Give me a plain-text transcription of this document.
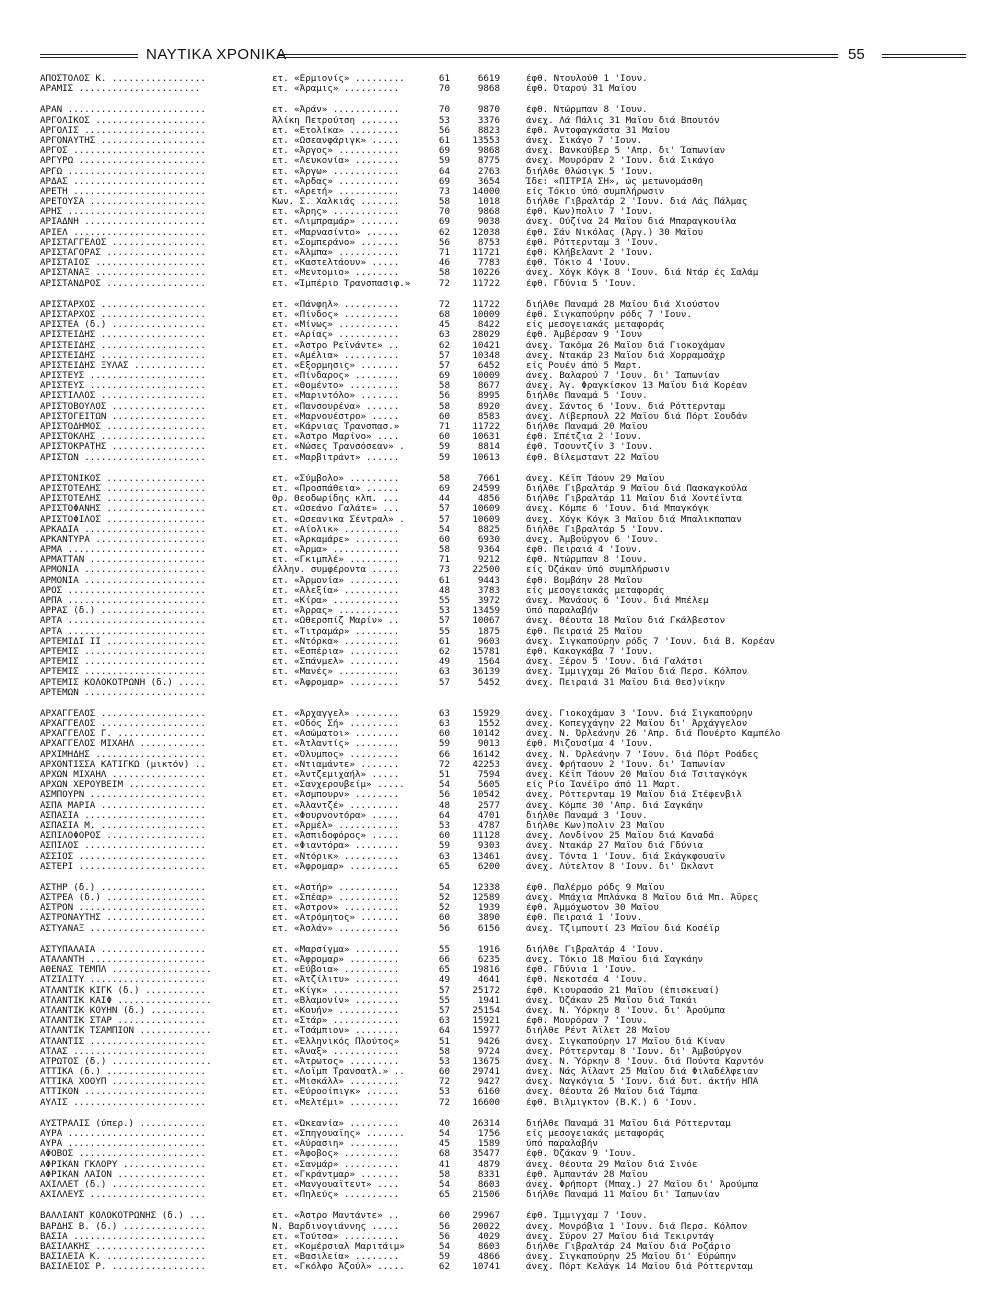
ΝΑΥΤΙΚΑ ΧΡΟΝΙΚΑ	55
ΑΠΟΣΤΟΛΟΣ Κ. .................	ετ. «Ερμιονίς» .........	61	6619	έφθ. Ντουλούθ 1 'Ιουν.
ΑΡΑΜΙΣ ......................	ετ. «Άραμις» ..........	70	9868	έφθ. Όταρού 31 Μαΐου
ΑΡΑΝ .........................	ετ. «Άράν» ............	70	9870	έφθ. Ντώρμπαν 8 'Ιουν.
ΑΡΓΟΛΙΚΟΣ ....................	Άλίκη Πετρούτση .......	53	3376	άνεχ. Λά Πάλις 31 Μαΐου διά Βπουτόν
ΑΡΓΟΛΙΣ ......................	ετ. «Ετολίκα» .........	56	8823	έφθ. Άντοφαγκάστα 31 Μαΐου
ΑΡΓΟΝΑΥΤΗΣ ...................	ετ. «Ωσεανφάριγκ» .....	61	13553	άνεχ. Σικάγο 7 'Ιουν.
ΑΡΓΟΣ ........................	ετ. «Άργος» ...........	69	9868	άνεχ. Βανκούβερ 5 'Απρ. δι' Ίαπωνίαν
ΑΡΓΥΡΩ .......................	ετ. «Λευκονία» ........	59	8775	άνεχ. Μουρόραν 2 'Ιουν. διά Σικάγο
ΑΡΓΩ .........................	ετ. «Άργω» ............	64	2763	διήλθε Θλώσιγκ 5 'Ιουν.
ΑΡΔΑΣ ........................	ετ. «Άρδας» ...........	69	3654	Ίδε: «ΠΙΤΡΙΑ ΣΗ», ώς μετωνομάσθη
ΑΡΕΤΗ ........................	ετ. «Αρετή» ...........	73	14000	είς Τόκιο ύπό συμπλήρωσιν
ΑΡΕΤΟΥΣΑ .....................	Κων. Σ. Χαλκιάς .......	58	1018	διήλθε Γιβραλτάρ 2 'Ιουν. διά Λάς Πάλμας
ΑΡΗΣ .........................	ετ. «Άρης» ............	70	9868	έφθ. Κων)πολιν 7 'Ιουν.
ΑΡΙΑΔΝΗ ......................	ετ. «Λιμπραμάρ» .......	69	9038	άνεχ. Ούζίνα 24 Μαΐου διά Μπαραγκουίλα
ΑΡΙΕΛ ........................	ετ. «Μαρνασίντο» ......	62	12038	έφθ. Σάν Νικόλας (Άργ.) 30 Μαΐου
ΑΡΙΣΤΑΓΓΕΛΟΣ .................	ετ. «Σομπεράνο» .......	56	8753	έφθ. Ρόττερνταμ 3 'Ιουν.
ΑΡΙΣΤΑΓΟΡΑΣ ..................	ετ. «Άλμπα» ...........	71	11721	έφθ. Κλήβελαντ 2 'Ιουν.
ΑΡΙΣΤΑΙΟΣ ....................	ετ. «Καστελτάουν» .....	46	7783	έφθ. Τόκιο 4 'Ιουν.
ΑΡΙΣΤΑΝΑΞ ....................	ετ. «Μεντομιο» ........	58	10226	άνεχ. Χόγκ Κόγκ 8 'Ιουν. διά Ντάρ ές Σαλάμ
ΑΡΙΣΤΑΝΔΡΟΣ ..................	ετ. «Ίμπέριο Τρανσπασιφ.»	72	11722	έφθ. Γδύνια 5 'Ιουν.
ΑΡΙΣΤΑΡΧΟΣ ...................	ετ. «Πάνφηλ» ..........	72	11722	διήλθε Παναμά 28 Μαΐου διά Χιούστον
ΑΡΙΣΤΑΡΧΟΣ ...................	ετ. «Πίνδος» ..........	68	10009	έφθ. Σιγκαπούρην ρόδς 7 'Ιουν.
ΑΡΙΣΤΕΑ (δ.) .................	ετ. «Μίνως» ...........	45	8422	είς μεσογειακάς μεταφοράς
ΑΡΙΣΤΕΙΔΗΣ ...................	ετ. «Αρίας» ...........	63	28029	έφθ. Άμβέρσαν 9 'Ιουν
ΑΡΙΣΤΕΙΔΗΣ ...................	ετ. «Άστρο Ρεϊνάντε» ..	62	10421	άνεχ. Τακόμα 26 Μαΐου διά Γιοκοχάμαν
ΑΡΙΣΤΕΙΔΗΣ ...................	ετ. «Αμέλια» ..........	57	10348	άνεχ. Ντακάρ 23 Μαΐου διά Χορραμσάχρ
ΑΡΙΣΤΕΙΔΗΣ ΞΥΛΑΣ .............	ετ. «Εξορμησις» .......	57	6452	είς Ρουέν άπό 5 Μαρτ.
ΑΡΙΣΤΕΥΣ .....................	ετ. «Πίνδαρος» ........	69	10009	άνεχ. Βαλαρού 7 'Ιουν. δι' Ίαπωνίαν
ΑΡΙΣΤΕΥΣ .....................	ετ. «Θομέντο» .........	58	8677	άνεχ. Άγ. Φραγκίσκον 13 Μαΐου διά Κορέαν
ΑΡΙΣΤΙΛΛΟΣ ...................	ετ. «Μαριντόλο» .......	56	8995	διήλθε Παναμά 5 'Ιουν.
ΑΡΙΣΤΟΒΟΥΛΟΣ .................	ετ. «Πανσουρένα» ......	58	8920	άνεχ. Σάντος 6 'Ιουν. διά Ρόττερνταμ
ΑΡΙΣΤΟΓΕΙΤΩΝ .................	ετ. «Μαρνουέστρο» .....	60	8583	άνεχ. Λίβερπουλ 22 Μαΐου διά Πόρτ Σουδάν
ΑΡΙΣΤΟΔΗΜΟΣ ..................	ετ. «Κάρνιας Τρανσπασ.»	71	11722	διήλθε Παναμά 20 Μαΐου
ΑΡΙΣΤΟΚΛΗΣ ...................	ετ. «Άστρο Μαρίνο» ....	60	10631	έφθ. Σπέτζια 2 'Ιουν.
ΑΡΙΣΤΟΚΡΑΤΗΣ .................	ετ. «Νώσες Τρανσόσεαν» .	59	8814	έφθ. Τσουντζίν 3 'Ιουν.
ΑΡΙΣΤΩΝ ......................	ετ. «Μαρβιτράντ» ......	59	10613	έφθ. Βίλεμσταντ 22 Μαΐου
ΑΡΙΣΤΟΝΙΚΟΣ ..................	ετ. «Σύμβολο» .........	58	7661	άνεχ. Κέϊπ Τάουν 29 Μαΐου
ΑΡΙΣΤΟΤΕΛΗΣ ..................	ετ. «Προσπάθεια» ......	69	24599	διήλθε Γιβραλτάρ 9 Μαΐου διά Πασκαγκούλα
ΑΡΙΣΤΟΤΕΛΗΣ ..................	Θρ. Θεοδωρίδης κλπ. ...	44	4856	διήλθε Γιβραλτάρ 11 Μαΐου διά Χοντέϊντα
ΑΡΙΣΤΟΦΑΝΗΣ ..................	ετ. «Ωσεάνο Γαλάτε» ...	57	10609	άνεχ. Κόμπε 6 'Ιουν. διά Μπαγκόγκ
ΑΡΙΣΤΟΦΙΛΟΣ ..................	ετ. «Ωσεανικα Σέντραλ» .	57	10609	άνεχ. Χόγκ Κόγκ 3 Μαΐου διά Μπαλικπαπαν
ΑΡΚΑΔΙΑ ......................	ετ. «Αίολικ» ..........	54	8825	διήλθε Γιβραλτάρ 5 'Ιουν.
ΑΡΚΑΝΤΥΡΑ ....................	ετ. «Άρκαμάρε» ........	60	6930	άνεχ. Άμβούργον 6 'Ιουν.
ΑΡΜΑ .........................	ετ. «Άρμα» ............	58	9364	έφθ. Πειραιά 4 'Ιουν.
ΑΡΜΑΤΤΑΝ .....................	ετ. «Γκιμπλέ» .........	71	9212	έφθ. Ντώρμπαν 8 'Ιουν.
ΑΡΜΟΝΙΑ ......................	έλλην. συμφέροντα .....	73	22500	είς Όζάκαν ύπό συμπλήρωσιν
ΑΡΜΟΝΙΑ ......................	ετ. «Άρμονία» .........	61	9443	έφθ. Βομβάην 28 Μαΐου
ΑΡΟΣ .........................	ετ. «Αλεξία» ..........	48	3783	είς μεσογειακάς μεταφοράς
ΑΡΠΑ .........................	ετ. «Κίρα» ............	55	3972	άνεχ. Μανάους 6 'Ιουν. διά Μπέλεμ
ΑΡΡΑΣ (δ.) ...................	ετ. «Άρρας» ...........	53	13459	ύπό παραλαβήν
ΑΡΤΑ .........................	ετ. «Ωθερσπίζ Μαρίν» ..	57	10067	άνεχ. Θέουτα 18 Μαΐου διά Γκάλβεστον
ΑΡΤΑ .........................	ετ. «Τιτραμάρ» ........	55	1875	έφθ. Πειραιά 25 Μαΐου
ΑΡΤΕΜΙΔΙ ΙΙ ..................	ετ. «Ντόρκα» ..........	61	9603	άνεχ. Σιγκαπούρην ρόδς 7 'Ιουν. διά Β. Κορέαν
ΑΡΤΕΜΙΣ ......................	ετ. «Εσπέρια» .........	62	15781	έφθ. Κακογκάβα 7 'Ιουν.
ΑΡΤΕΜΙΣ ......................	ετ. «Σπάνμελ» .........	49	1564	άνεχ. Ξέρον 5 'Ιουν. διά Γαλάτσι
ΑΡΤΕΜΙΣ ......................	ετ. «Μανές» ...........	63	36139	άνεχ. Ίμμιγχαμ 26 Μαΐου διά Περσ. Κόλπον
ΑΡΤΕΜΙΣ ΚΟΛΟΚΟΤΡΩΝΗ (δ.) .....	ετ. «Άφρομαρ» .........	57	5452	άνεχ. Πειραιά 31 Μαΐου διά Θεσ)νίκην
ΑΡΤΕΜΩΝ ......................
ΑΡΧΑΓΓΕΛΟΣ ...................	ετ. «Άρχαγγελ» ........	63	15929	άνεχ. Γιοκοχάμαν 3 'Ιουν. διά Σιγκαπούρην
ΑΡΧΑΓΓΕΛΟΣ ...................	ετ. «Οδός Σή» .........	63	1552	άνεχ. Κοπεγχάγην 22 Μαΐου δι' Άρχάγγελον
ΑΡΧΑΓΓΕΛΟΣ Γ. ................	ετ. «Ασώματοι» ........	60	10142	άνεχ. Ν. Όρλεάνην 26 'Απρ. διά Πουέρτο Καμπέλο
ΑΡΧΑΓΓΕΛΟΣ ΜΙΧΑΗΛ ............	ετ. «Άτλαντίς» ........	59	9013	έφθ. Μιζουσίμα 4 'Ιουν.
ΑΡΧΙΜΗΔΗΣ ....................	ετ. «Όλυμπος» .........	66	16142	άνεχ. Ν. Όρλεάνην 7 'Ιουν. διά Πόρτ Ροάδες
ΑΡΧΟΝΤΙΣΣΑ ΚΑΤΙΓΚΩ (μικτόν) ..	ετ. «Ντιαμάντε» .......	72	42253	άνεχ. Φρήταουν 2 'Ιουν. δι' Ίαπωνίαν
ΑΡΧΩΝ ΜΙΧΑΗΛ .................	ετ. «Άντζεμιχαήλ» .....	51	7594	άνεχ. Κέϊπ Τάουν 20 Μαΐου διά Τσιταγκόγκ
ΑΡΧΩΝ ΧΕΡΟΥΒΕΙΜ ..............	ετ. «Σανχερουβείμ» .....	54	5605	είς Ρίο Ίανέϊρο άπό 11 Μαρτ.
ΑΣΜΠΟΥΡΝ .....................	ετ. «Άσμπουρν» ........	56	10542	άνεχ. Ρόττερνταμ 19 Μαΐου διά Στέφενβιλ
ΑΣΠΑ ΜΑΡΙΑ ...................	ετ. «Άλαντζέ» .........	48	2577	άνεχ. Κόμπε 30 'Απρ. διά Σαγκάην
ΑΣΠΑΣΙΑ ......................	ετ. «Φουρνοντόρα» .....	64	4701	διήλθε Παναμά 3 'Ιουν.
ΑΣΠΑΣΙΑ Μ. ...................	ετ. «Άρμέλ» ...........	53	4787	διήλθε Κων)πολιν 23 Μαΐου
ΑΣΠΙΛΟΦΟΡΟΣ ..................	ετ. «Άσπιδοφόρος» .....	60	11128	άνεχ. Λονδίνον 25 Μαΐου διά Καναδά
ΑΣΠΙΛΟΣ ......................	ετ. «Φιαντόρα» ........	59	9303	άνεχ. Ντακάρ 27 Μαΐου διά Γδύνια
ΑΣΣΙΟΣ .......................	ετ. «Ντόρικ» ..........	63	13461	άνεχ. Τόντα 1 'Ιουν. διά Σκάγκφουαϊν
ΑΣΤΕΡΙ .......................	ετ. «Άφρομαρ» .........	65	6200	άνεχ. Λύτελτον 8 'Ιουν. δι' Ώκλαντ
ΑΣΤΗΡ (δ.) ...................	ετ. «Αστήρ» ...........	54	12338	έφθ. Παλέρμο ρόδς 9 Μαΐου
ΑΣΤΡΕΑ (δ.) ..................	ετ. «Σπέαρ» ...........	52	12589	άνεχ. Μπάχια Μπλάνκα 8 Μαΐου διά Μπ. Άϋρες
ΑΣΤΡΟΝ .......................	ετ. «Άστρον» ..........	52	1939	έφθ. Άμμόχωστον 30 Μαΐου
ΑΣΤΡΟΝΑΥΤΗΣ ..................	ετ. «Ατρόμητος» .......	60	3890	έφθ. Πειραιά 1 'Ιουν.
ΑΣΤΥΑΝΑΞ .....................	ετ. «Άσλάν» ...........	56	6156	άνεχ. Τζιμπουτί 23 Μαΐου διά Κοσέϊρ
ΑΣΤΥΠΑΛΑΙΑ ...................	ετ. «Μαρσίγμα» ........	55	1916	διήλθε Γιβραλτάρ 4 'Ιουν.
ΑΤΑΛΑΝΤΗ .....................	ετ. «Άφρομαρ» .........	66	6235	άνεχ. Τόκιο 18 Μαΐου διά Σαγκάην
ΑΘΕΝΑΣ ΤΕΜΠΛ ..................	ετ. «Εύβοια» ..........	65	19816	έφθ. Γδύνια 1 'Ιουν.
ΑΤΖΙΛΙΤΥ .....................	ετ. «Άτζίλιτυ» ........	49	4641	έφθ. Νεκοτσέα 4 'Ιουν.
ΑΤΛΑΝΤΙΚ ΚΙΓΚ (δ.) ...........	ετ. «Κίγκ» ............	57	25172	έφθ. Κιουρασάο 21 Μαΐου (έπισκευαί)
ΑΤΛΑΝΤΙΚ ΚΑΪΦ .................	ετ. «Βλαμονίν» ........	55	1941	άνεχ. Όζάκαν 25 Μαΐου διά Τακάι
ΑΤΛΑΝΤΙΚ ΚΟΥΗΝ (δ.) ..........	ετ. «Κουήν» ...........	57	25154	άνεχ. Ν. Ύόρκην 8 'Ιουν. δι' Άρούμπα
ΑΤΛΑΝΤΙΚ ΣΤΑΡ ................	ετ. «Στάρ» ............	63	15921	έφθ. Μουρόραν 7 'Ιουν.
ΑΤΛΑΝΤΙΚ ΤΣΑΜΠΙΟΝ .............	ετ. «Τσάμπιον» ........	64	15977	διήλθε Ρέντ Άϊλετ 28 Μαΐου
ΑΤΛΑΝΤΙΣ .....................	ετ. «Έλληνικός Πλούτος»	51	9426	άνεχ. Σιγκαπούρην 17 Μαΐου διά Κίναν
ΑΤΛΑΣ ........................	ετ. «Άναξ» ............	58	9724	άνεχ. Ρόττερνταμ 8 'Ιουν. δι' Άμβούργον
ΑΤΡΩΤΟΣ (δ.) ..................	ετ. «Άτρωτος» .........	53	13675	άνεχ. Ν. Ύόρκην 8 'Ιουν. διά Πούντα Καρντόν
ΑΤΤΙΚΑ (δ.) ..................	ετ. «Λοϊμπ Τρανσατλ.» ..	60	29741	άνεχ. Νάς Άϊλαντ 25 Μαΐου διά Φιλαδέλφειαν
ΑΤΤΙΚΑ ΧΟΟΥΠ .................	ετ. «Μισκάλλ» .........	72	9427	άνεχ. Ναγκόγια 5 'Ιουν. διά δυτ. άκτήν ΗΠΑ
ΑΤΤΙΚΟΝ ......................	ετ. «Εύροοίπιγκ» ......	53	6160	άνεχ. Θέουτα 26 Μαΐου διά Τάμπα
ΑΥΛΙΣ ........................	ετ. «Μελτέμι» .........	72	16600	έφθ. Βιλμιγκτον (Β.Κ.) 6 'Ιουν.
ΑΥΣΤΡΑΛΙΣ (ύπερ.) ............	ετ. «Ώκεανία» .........	40	26314	διήλθε Παναμά 31 Μαΐου διά Ρόττερνταμ
ΑΥΡΑ .........................	ετ. «Σπηγουαΐης» .......	54	1756	είς μεσογειακάς μεταφοράς
ΑΥΡΑ .........................	ετ. «Αύρασιη» .........	45	1589	ύπό παραλαβήν
ΑΦΟΒΟΣ .......................	ετ. «Άφοβος» ..........	68	35477	έφθ. Όζάκαν 9 'Ιουν.
ΑΦΡΙΚΑΝ ΓΚΛΟΡΥ ...............	ετ. «Σανμάρ» ..........	41	4879	άνεχ. Θέουτα 29 Μαΐου διά Σινόε
ΑΦΡΙΚΑΝ ΛΑΪΟΝ ................	ετ. «Γκράντμαρ» .......	58	8331	έφθ. Άμπαντάν 28 Μαΐου
ΑΧΙΛΛΕΤ (δ.) .................	ετ. «Μανγουαΐτεντ» ....	54	8603	άνεχ. Φρήπορτ (Μπαχ.) 27 Μαΐου δι' Άρούμπα
ΑΧΙΛΛΕΥΣ .....................	ετ. «Πηλεύς» ..........	65	21506	διήλθε Παναμά 11 Μαΐου δι' Ίαπωνίαν
ΒΑΛΛΙΑΝΤ ΚΟΛΟΚΟΤΡΩΝΗΣ (δ.) ...	ετ. «Άστρο Μαντάντε» ..	60	29967	έφθ. Ίμμιγχαμ 7 'Ιουν.
ΒΑΡΔΗΣ Β. (δ.) ...............	Ν. Βαρδινογιάννης .....	56	20022	άνεχ. Μονρόβια 1 'Ιουν. διά Περσ. Κόλπον
ΒΑΣΙΑ ........................	ετ. «Τούτσα» ..........	56	4029	άνεχ. Σύρον 27 Μαΐου διά Τεκιρντάγ
ΒΑΣΙΛΑΚΗΣ ....................	ετ. «Κομέρσιαλ Μαριτάιμ»	54	8603	διήλθε Γιβραλτάρ 24 Μαΐου διά Ροζάριο
ΒΑΣΙΛΕΙΑ Κ. ..................	ετ. «Βασιλεία» ........	59	4866	άνεχ. Σιγκαπούρην 25 Μαΐου δι' Εύρώπην
ΒΑΣΙΛΕΙΟΣ Ρ. .................	ετ. «Γκόλφο Άζούλ» .....	62	10741	άνεχ. Πόρτ Κελάγκ 14 Μαΐου διά Ρόττερνταμ
